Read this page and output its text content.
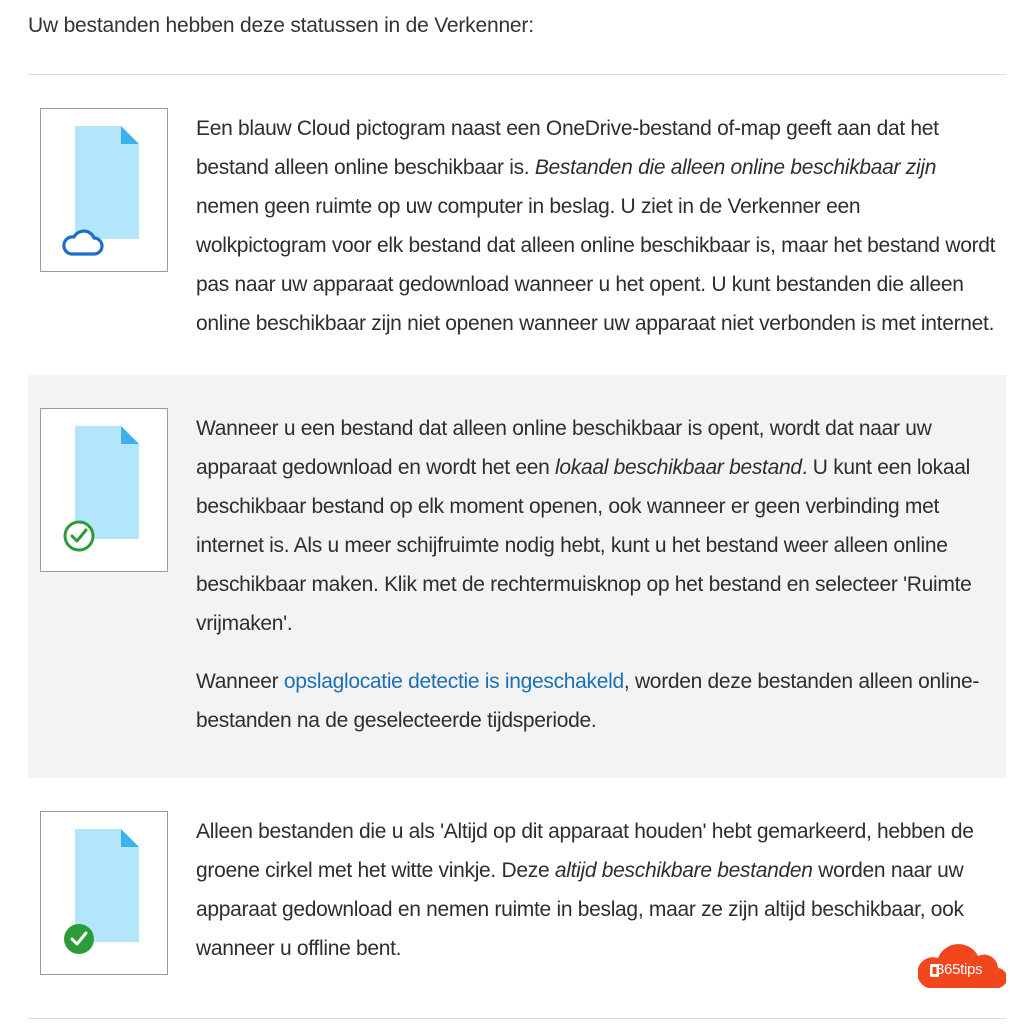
Uw bestanden hebben deze statussen in de Verkenner:

Een blauw Cloud pictogram naast een OneDrive-bestand of-map geeft aan dat het bestand alleen online beschikbaar is. Bestanden die alleen online beschikbaar zijn nemen geen ruimte op uw computer in beslag. U ziet in de Verkenner een wolkpictogram voor elk bestand dat alleen online beschikbaar is, maar het bestand wordt pas naar uw apparaat gedownload wanneer u het opent. U kunt bestanden die alleen online beschikbaar zijn niet openen wanneer uw apparaat niet verbonden is met internet.

Wanneer u een bestand dat alleen online beschikbaar is opent, wordt dat naar uw apparaat gedownload en wordt het een lokaal beschikbaar bestand. U kunt een lokaal beschikbaar bestand op elk moment openen, ook wanneer er geen verbinding met internet is. Als u meer schijfruimte nodig hebt, kunt u het bestand weer alleen online beschikbaar maken. Klik met de rechtermuisknop op het bestand en selecteer 'Ruimte vrijmaken'.

Wanneer opslaglocatie detectie is ingeschakeld, worden deze bestanden alleen online-bestanden na de geselecteerde tijdsperiode.

Alleen bestanden die u als 'Altijd op dit apparaat houden' hebt gemarkeerd, hebben de groene cirkel met het witte vinkje. Deze altijd beschikbare bestanden worden naar uw apparaat gedownload en nemen ruimte in beslag, maar ze zijn altijd beschikbaar, ook wanneer u offline bent.

365tips
